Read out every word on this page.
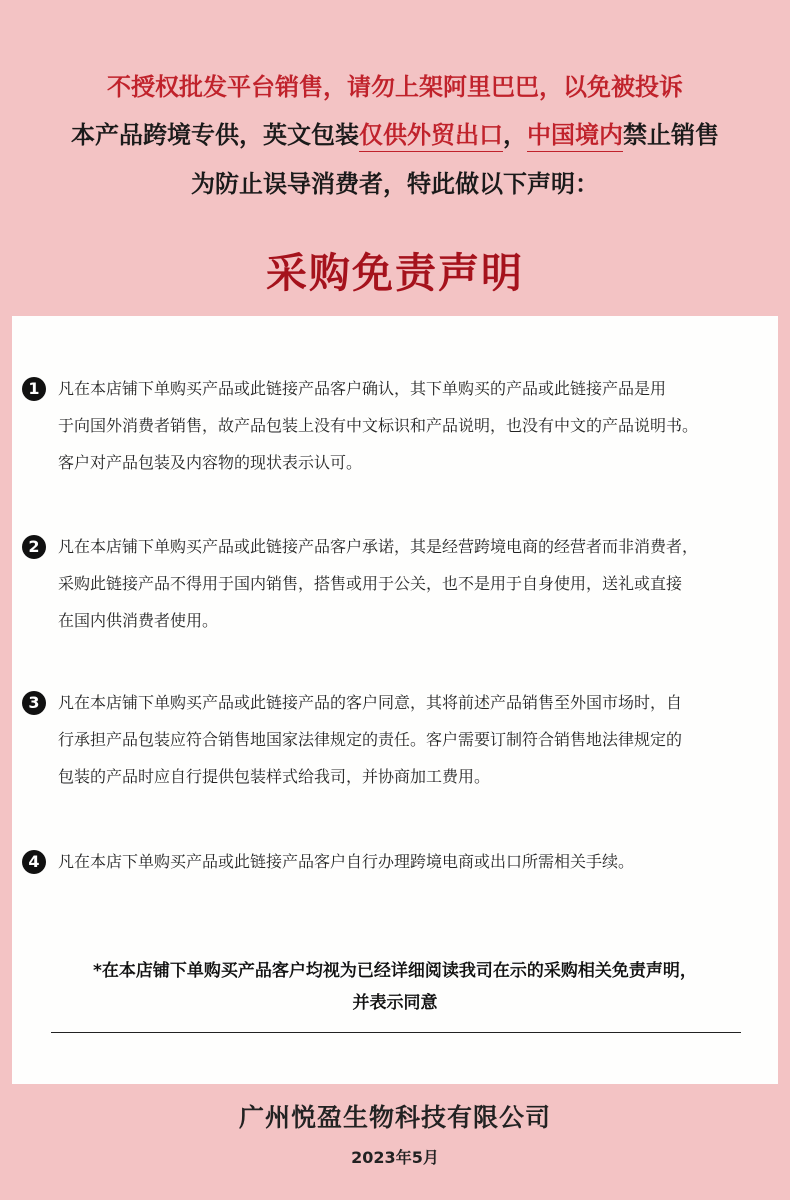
不授权批发平台销售，请勿上架阿里巴巴，以免被投诉
本产品跨境专供，英文包装仅供外贸出口，中国境内禁止销售
为防止误导消费者，特此做以下声明：
采购免责声明
1	凡在本店铺下单购买产品或此链接产品客户确认，其下单购买的产品或此链接产品是用
于向国外消费者销售，故产品包装上没有中文标识和产品说明，也没有中文的产品说明书。
客户对产品包装及内容物的现状表示认可。
2	凡在本店铺下单购买产品或此链接产品客户承诺，其是经营跨境电商的经营者而非消费者，
采购此链接产品不得用于国内销售，搭售或用于公关，也不是用于自身使用，送礼或直接
在国内供消费者使用。
3	凡在本店铺下单购买产品或此链接产品的客户同意，其将前述产品销售至外国市场时，自
行承担产品包装应符合销售地国家法律规定的责任。客户需要订制符合销售地法律规定的
包装的产品时应自行提供包装样式给我司，并协商加工费用。
4	凡在本店下单购买产品或此链接产品客户自行办理跨境电商或出口所需相关手续。
*在本店铺下单购买产品客户均视为已经详细阅读我司在示的采购相关免责声明，
并表示同意
广州悦盈生物科技有限公司
2023年5月
